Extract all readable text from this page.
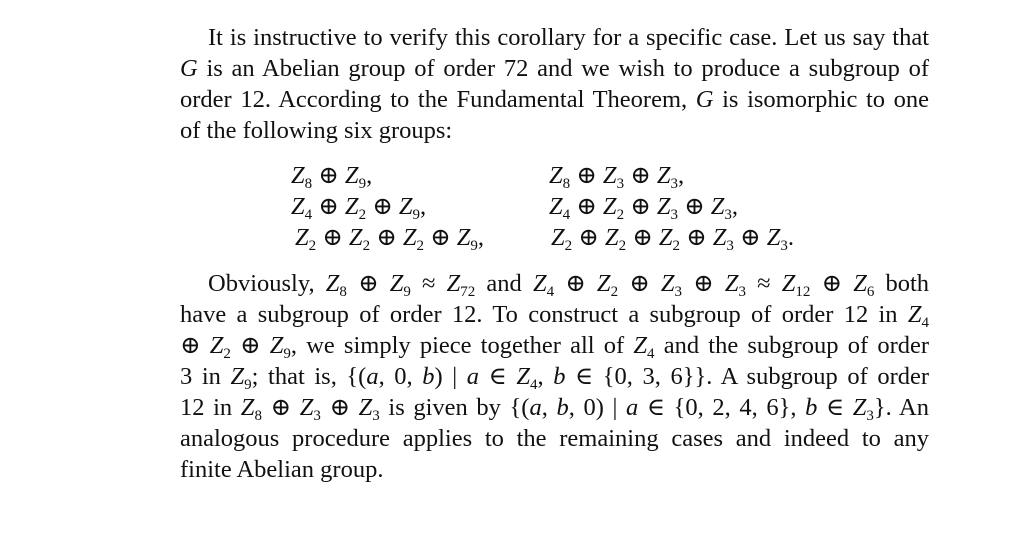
It is instructive to verify this corollary for a specific case. Let us say that
G is an Abelian group of order 72 and we wish to produce a subgroup of
order 12. According to the Fundamental Theorem, G is isomorphic to one
of the following six groups:
$Z_8$ ⊕ $Z_9$,
$Z_4$ ⊕ $Z_2$ ⊕ $Z_9$,
$Z_2$ ⊕ $Z_2$ ⊕ $Z_2$ ⊕ $Z_9$,
$Z_8$ ⊕ $Z_3$ ⊕ $Z_3$,
$Z_4$ ⊕ $Z_2$ ⊕ $Z_3$ ⊕ $Z_3$,
$Z_2$ ⊕ $Z_2$ ⊕ $Z_2$ ⊕ $Z_3$ ⊕ $Z_3$.
Obviously, $Z_8$ ⊕ $Z_9 \approx Z_{72}$ and $Z_4$ ⊕ $Z_2$ ⊕ $Z_3$ ⊕ $Z_3 \approx Z_{12}$ ⊕ $Z_6$ both
have a subgroup of order 12. To construct a subgroup of order 12 in $Z_4$
⊕ $Z_2$ ⊕ $Z_9$, we simply piece together all of $Z_4$ and the subgroup of order
3 in $Z_9$; that is, {(a, 0, b) | a ∈ $Z_4$, b ∈ {0, 3, 6}}. A subgroup of order
12 in $Z_8$ ⊕ $Z_3$ ⊕ $Z_3$ is given by {(a, b, 0) | a ∈ {0, 2, 4, 6}, b ∈ $Z_3$}. An
analogous procedure applies to the remaining cases and indeed to any
finite Abelian group.
